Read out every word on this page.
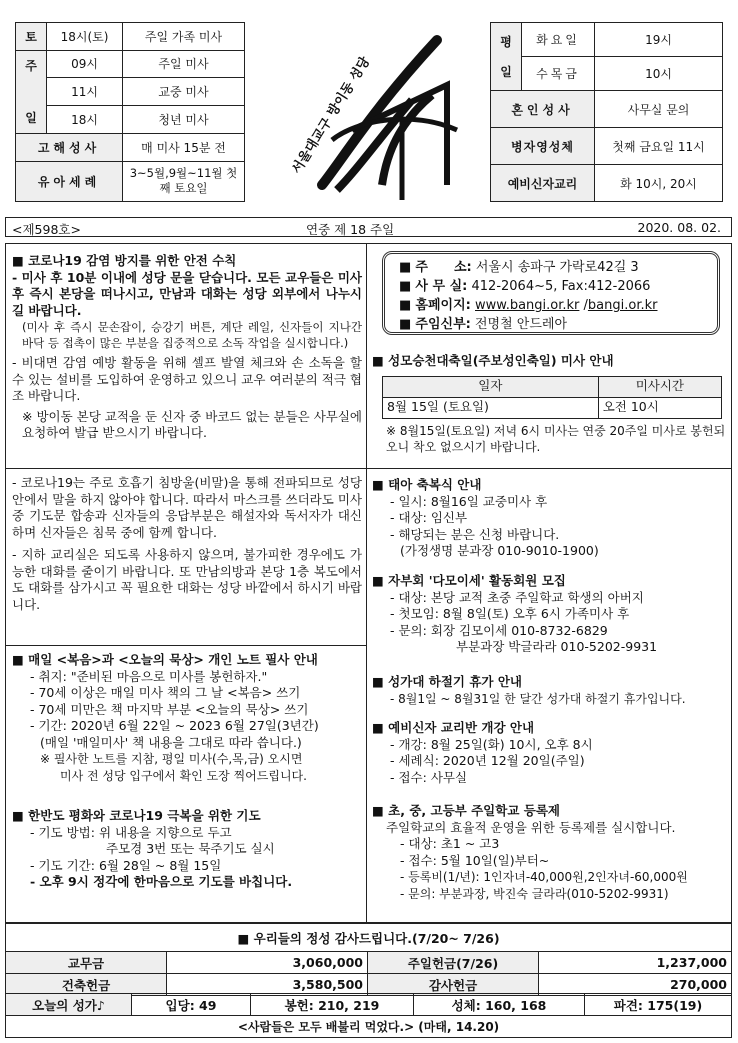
토	18시(토)	주일 가족 미사
주

일	09시	주일 미사
	11시	교중 미사
	18시	청년 미사
고해성사		매 미사 15분 전
유아세례		3~5월,9월~11월 첫째 토요일
서울대교구 방이동 성당
평
일	화요일	19시
	수목금	10시
혼인성사		사무실 문의
병자영성체		첫째 금요일 11시
예비신자교리		화 10시, 20시
<제598호>	연중 제 18 주일	2020. 08. 02.

■ 코로나19 감염 방지를 위한 안전 수칙

- 미사 후 10분 이내에 성당 문을 닫습니다. 모든 교우들은 미사 후 즉시 본당을 떠나시고, 만남과 대화는 성당 외부에서 나누시길 바랍니다.

(미사 후 즉시 문손잡이, 승강기 버튼, 계단 레일, 신자들이 지나간 바닥 등 접촉이 많은 부분을 집중적으로 소독 작업을 실시합니다.)

- 비대면 감염 예방 활동을 위해 셀프 발열 체크와 손 소독을 할 수 있는 설비를 도입하여 운영하고 있으니 교우 여러분의 적극 협조 바랍니다.

※ 방이동 본당 교적을 둔 신자 중 바코드 없는 분들은 사무실에 요청하여 발급 받으시기 바랍니다.

- 코로나19는 주로 호흡기 침방울(비말)을 통해 전파되므로 성당 안에서 말을 하지 않아야 합니다. 따라서 마스크를 쓰더라도 미사 중 기도문 합송과 신자들의 응답부분은 해설자와 독서자가 대신하며 신자들은 침묵 중에 함께 합니다.

- 지하 교리실은 되도록 사용하지 않으며, 불가피한 경우에도 가능한 대화를 줄이기 바랍니다. 또 만남의방과 본당 1층 복도에서도 대화를 삼가시고 꼭 필요한 대화는 성당 바깥에서 하시기 바랍니다.

■ 매일 <복음>과 <오늘의 묵상> 개인 노트 필사 안내

- 취지: "준비된 마음으로 미사를 봉헌하자."

- 70세 이상은 매일 미사 책의 그 날 <복음> 쓰기

- 70세 미만은 책 마지막 부분 <오늘의 묵상> 쓰기

- 기간: 2020년 6월 22일 ~ 2023 6월 27일(3년간)

(매일 '매일미사' 책 내용을 그대로 따라 씁니다.)

※ 필사한 노트를 지참, 평일 미사(수,목,금) 오시면

미사 전 성당 입구에서 확인 도장 찍어드립니다.

■ 한반도 평화와 코로나19 극복을 위한 기도

- 기도 방법: 위 내용을 지향으로 두고

주모경 3번 또는 묵주기도 실시

- 기도 기간: 6월 28일 ~ 8월 15일

- 오후 9시 정각에 한마음으로 기도를 바칩니다.

■ 주　　소: 서울시 송파구 가락로42길 3
■ 사 무 실: 412-2064~5, Fax:412-2066
■ 홈페이지: www.bangi.or.kr /bangi.or.kr
■ 주임신부: 전명철 안드레아

■ 성모승천대축일(주보성인축일) 미사 안내

일자	미사시간
8월 15일 (토요일)	오전 10시

※ 8월15일(토요일) 저녁 6시 미사는 연중 20주일 미사로 봉헌되오니 착오 없으시기 바랍니다.

■ 태아 축복식 안내

- 일시: 8월16일 교중미사 후

- 대상: 임신부

- 해당되는 분은 신청 바랍니다.

(가정생명 분과장 010-9010-1900)

■ 자부회 '다모이세' 활동회원 모집

- 대상: 본당 교적 초중 주일학교 학생의 아버지

- 첫모임: 8월 8일(토) 오후 6시 가족미사 후

- 문의: 회장 김모이세 010-8732-6829

부분과장 박글라라 010-5202-9931

■ 성가대 하절기 휴가 안내

- 8월1일 ~ 8월31일 한 달간 성가대 하절기 휴가입니다.

■ 예비신자 교리반 개강 안내

- 개강: 8월 25일(화) 10시, 오후 8시

- 세례식: 2020년 12월 20일(주일)

- 접수: 사무실

■ 초, 중, 고등부 주일학교 등록제

주일학교의 효율적 운영을 위한 등록제를 실시합니다.

- 대상: 초1 ~ 고3

- 접수: 5월 10일(일)부터~

- 등록비(1/년): 1인자녀-40,000원,2인자녀-60,000원

- 문의: 부분과장, 박진숙 글라라(010-5202-9931)

■ 우리들의 정성 감사드립니다.(7/20~ 7/26)			
교무금	3,060,000	주일헌금(7/26)	1,237,000
건축헌금	3,580,500	감사헌금	270,000
오늘의 성가♪	입당: 49	봉헌: 210, 219	성체: 160, 168	파견: 175(19)
<사람들은 모두 배불리 먹었다.> (마태, 14.20)
